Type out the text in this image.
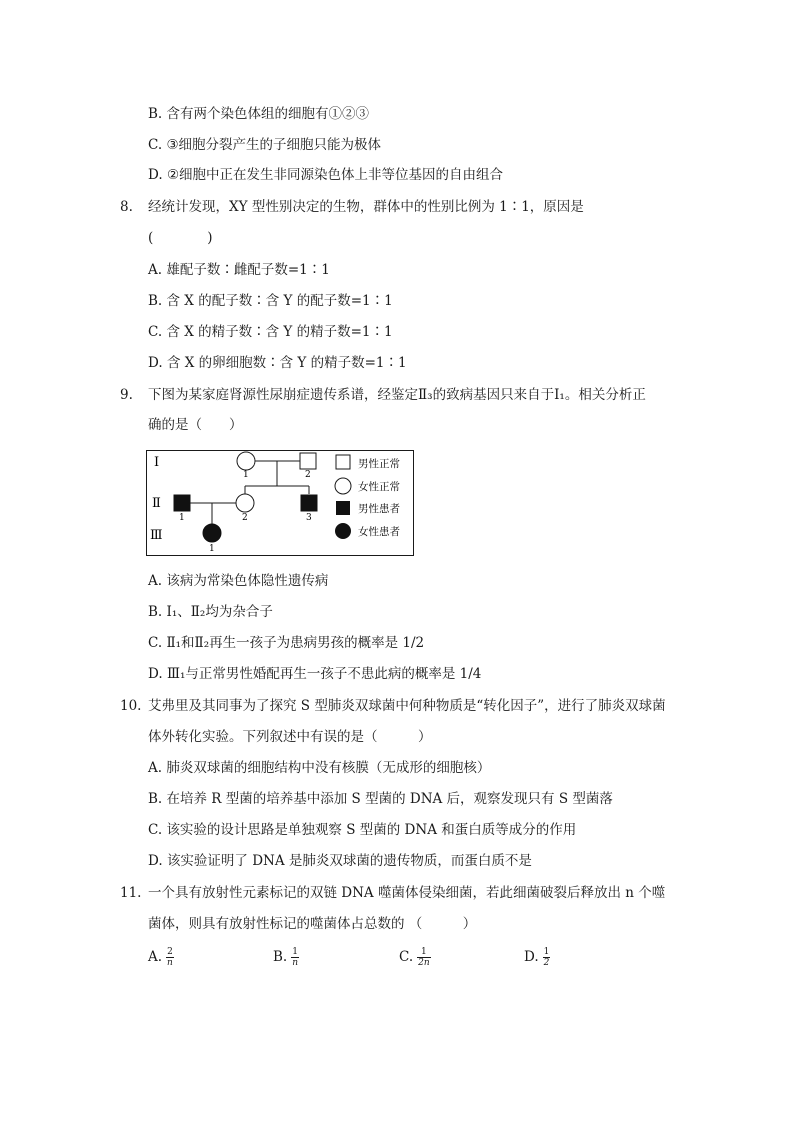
B. 含有两个染色体组的细胞有①②③
C. ③细胞分裂产生的子细胞只能为极体
D. ②细胞中正在发生非同源染色体上非等位基因的自由组合
8. 经统计发现，XY 型性别决定的生物，群体中的性别比例为 1∶1，原因是
(　　　　)
A. 雄配子数∶雌配子数=1∶1
B. 含 X 的配子数∶含 Y 的配子数=1∶1
C. 含 X 的精子数∶含 Y 的精子数=1∶1
D. 含 X 的卵细胞数∶含 Y 的精子数=1∶1
9. 下图为某家庭肾源性尿崩症遗传系谱，经鉴定Ⅱ₃的致病基因只来自于Ⅰ₁。相关分析正
确的是（　　）
Ⅰ
Ⅱ
Ⅲ
1	2
1	2	3
1
男性正常
女性正常
男性患者
女性患者
A. 该病为常染色体隐性遗传病
B. Ⅰ₁、Ⅱ₂均为杂合子
C. Ⅱ₁和Ⅱ₂再生一孩子为患病男孩的概率是 1/2
D. Ⅲ₁与正常男性婚配再生一孩子不患此病的概率是 1/4
10. 艾弗里及其同事为了探究 S 型肺炎双球菌中何种物质是“转化因子”，进行了肺炎双球菌
体外转化实验。下列叙述中有误的是（　　　）
A. 肺炎双球菌的细胞结构中没有核膜（无成形的细胞核）
B. 在培养 R 型菌的培养基中添加 S 型菌的 DNA 后，观察发现只有 S 型菌落
C. 该实验的设计思路是单独观察 S 型菌的 DNA 和蛋白质等成分的作用
D. 该实验证明了 DNA 是肺炎双球菌的遗传物质，而蛋白质不是
11. 一个具有放射性元素标记的双链 DNA 噬菌体侵染细菌，若此细菌破裂后释放出 n 个噬
菌体，则具有放射性标记的噬菌体占总数的 （　　　）
A. $\frac{2}{n}$	B. $\frac{1}{n}$	C. $\frac{1}{2n}$	D. $\frac{1}{2}$
